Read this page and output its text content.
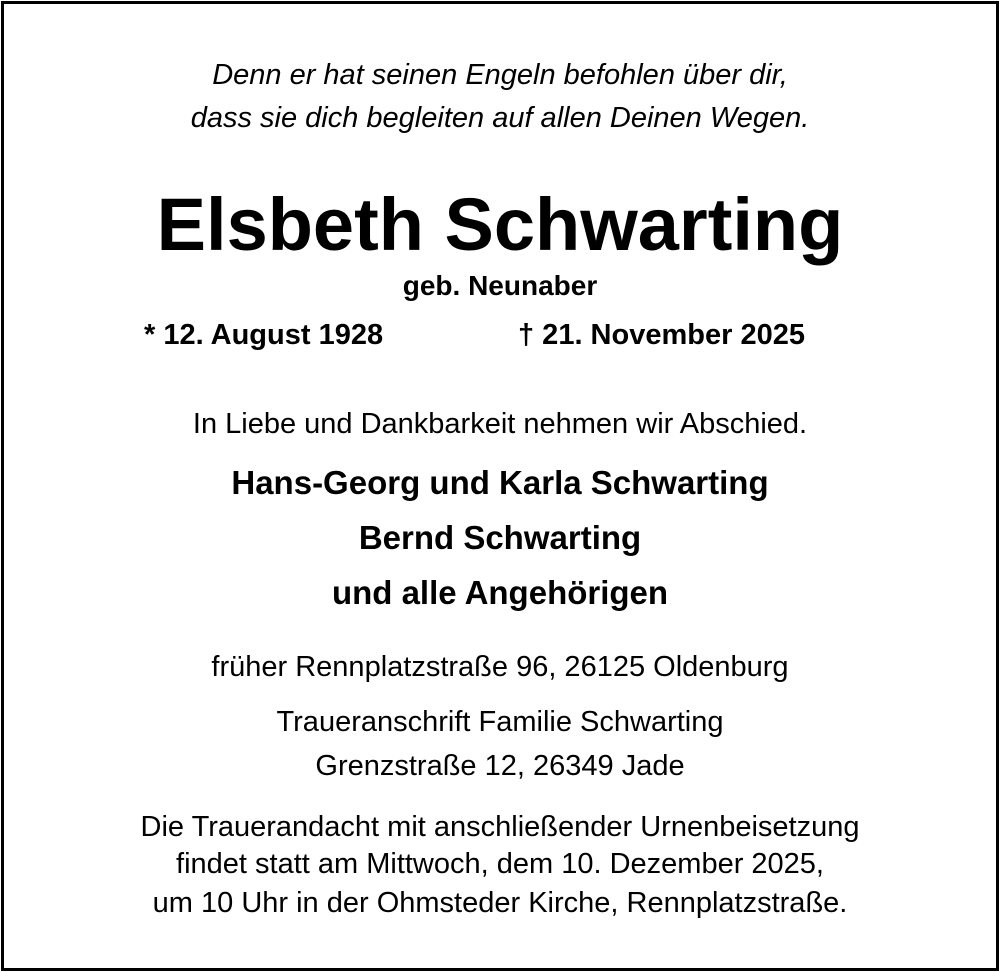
Denn er hat seinen Engeln befohlen über dir,
dass sie dich begleiten auf allen Deinen Wegen.
Elsbeth Schwarting
geb. Neunaber
* 12. August 1928	† 21. November 2025
In Liebe und Dankbarkeit nehmen wir Abschied.
Hans-Georg und Karla Schwarting
Bernd Schwarting
und alle Angehörigen
früher Rennplatzstraße 96, 26125 Oldenburg
Traueranschrift Familie Schwarting
Grenzstraße 12, 26349 Jade
Die Trauerandacht mit anschließender Urnenbeisetzung
findet statt am Mittwoch, dem 10. Dezember 2025,
um 10 Uhr in der Ohmsteder Kirche, Rennplatzstraße.
